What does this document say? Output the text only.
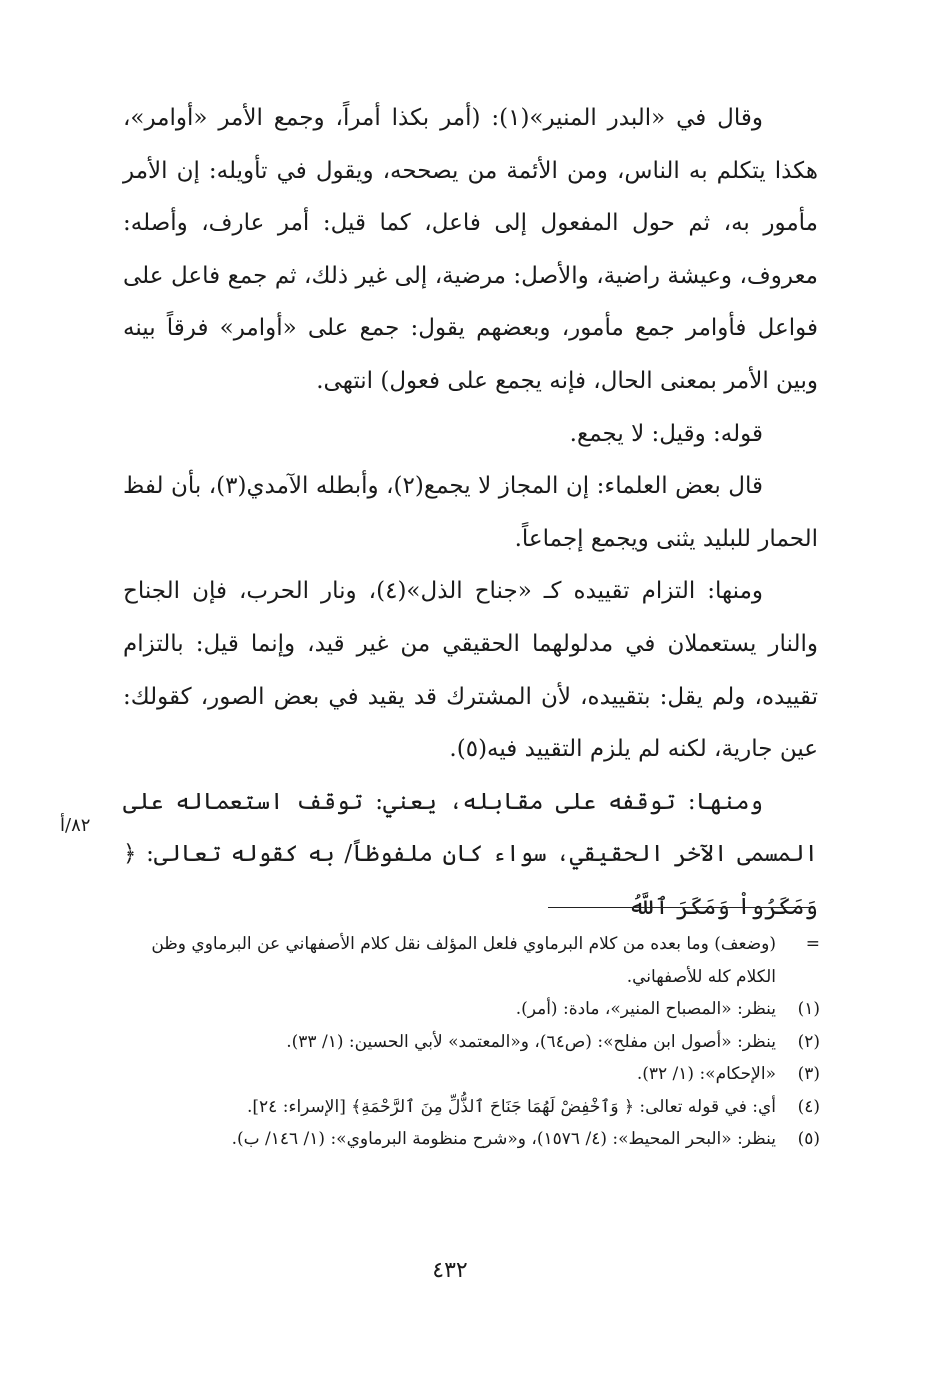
وقال في «البدر المنير»(١): (أمر بكذا أمراً، وجمع الأمر «أوامر»، هكذا يتكلم به الناس، ومن الأئمة من يصححه، ويقول في تأويله: إن الأمر مأمور به، ثم حول المفعول إلى فاعل، كما قيل: أمر عارف، وأصله: معروف، وعيشة راضية، والأصل: مرضية، إلى غير ذلك، ثم جمع فاعل على فواعل فأوامر جمع مأمور، وبعضهم يقول: جمع على «أوامر» فرقاً بينه وبين الأمر بمعنى الحال، فإنه يجمع على فعول) انتهى.

قوله: وقيل: لا يجمع.

قال بعض العلماء: إن المجاز لا يجمع(٢)، وأبطله الآمدي(٣)، بأن لفظ الحمار للبليد يثنى ويجمع إجماعاً.

ومنها: التزام تقييده كـ «جناح الذل»(٤)، ونار الحرب، فإن الجناح والنار يستعملان في مدلولهما الحقيقي من غير قيد، وإنما قيل: بالتزام تقييده، ولم يقل: بتقييده، لأن المشترك قد يقيد في بعض الصور، كقولك: عين جارية، لكنه لم يلزم التقييد فيه(٥).

ومنها: توقفه على مقابله، يعني: توقف استعماله على المسمى الآخر الحقيقي، سواء كان ملفوظاً/ به كقوله تعالى: ﴿ وَمَكَرُواْ وَمَكَرَ ٱللَّهُ

٨٢/أ
=
(وضعف) وما بعده من كلام البرماوي فلعل المؤلف نقل كلام الأصفهاني عن البرماوي وظن الكلام كله للأصفهاني.
(١)
ينظر: «المصباح المنير»، مادة: (أمر).
(٢)
ينظر: «أصول ابن مفلح»: (ص٦٤)، و«المعتمد» لأبي الحسين: (١/ ٣٣).
(٣)
«الإحكام»: (١/ ٣٢).
(٤)
أي: في قوله تعالى: ﴿ وَٱخْفِضْ لَهُمَا جَنَاحَ ٱلذُّلِّ مِنَ ٱلرَّحْمَةِ﴾ [الإسراء: ٢٤].
(٥)
ينظر: «البحر المحيط»: (٤/ ١٥٧٦)، و«شرح منظومة البرماوي»: (١/ ١٤٦/ ب).
٤٣٢
